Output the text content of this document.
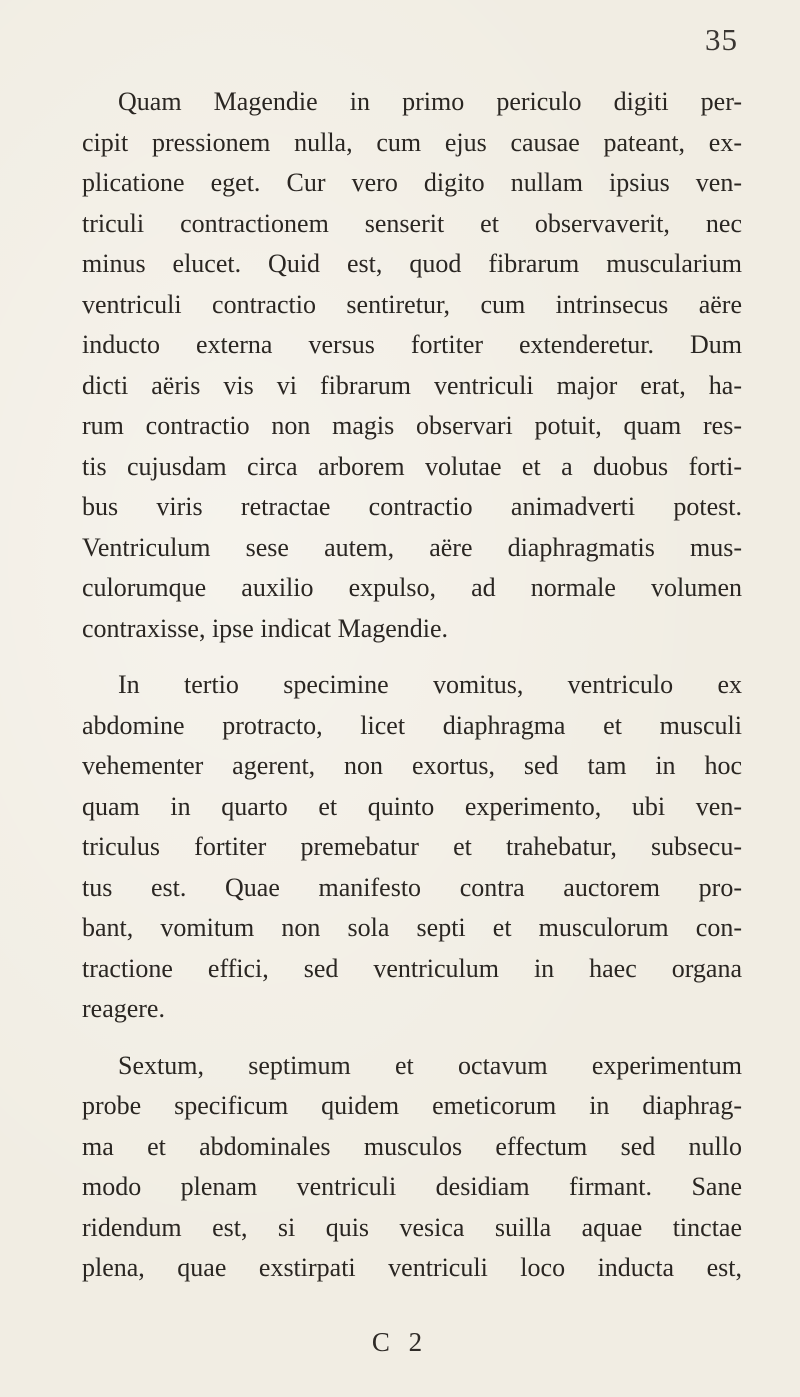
35

Quam Magendie in primo periculo digiti per-
cipit pressionem nulla, cum ejus causae pateant, ex-
plicatione eget. Cur vero digito nullam ipsius ven-
triculi contractionem senserit et observaverit, nec
minus elucet. Quid est, quod fibrarum muscularium
ventriculi contractio sentiretur, cum intrinsecus aëre
inducto externa versus fortiter extenderetur. Dum
dicti aëris vis vi fibrarum ventriculi major erat, ha-
rum contractio non magis observari potuit, quam res-
tis cujusdam circa arborem volutae et a duobus forti-
bus viris retractae contractio animadverti potest.
Ventriculum sese autem, aëre diaphragmatis mus-
culorumque auxilio expulso, ad normale volumen
contraxisse, ipse indicat Magendie.

In tertio specimine vomitus, ventriculo ex
abdomine protracto, licet diaphragma et musculi
vehementer agerent, non exortus, sed tam in hoc
quam in quarto et quinto experimento, ubi ven-
triculus fortiter premebatur et trahebatur, subsecu-
tus est. Quae manifesto contra auctorem pro-
bant, vomitum non sola septi et musculorum con-
tractione effici, sed ventriculum in haec organa
reagere.

Sextum, septimum et octavum experimentum
probe specificum quidem emeticorum in diaphrag-
ma et abdominales musculos effectum sed nullo
modo plenam ventriculi desidiam firmant. Sane
ridendum est, si quis vesica suilla aquae tinctae
plena, quae exstirpati ventriculi loco inducta est,

C 2
